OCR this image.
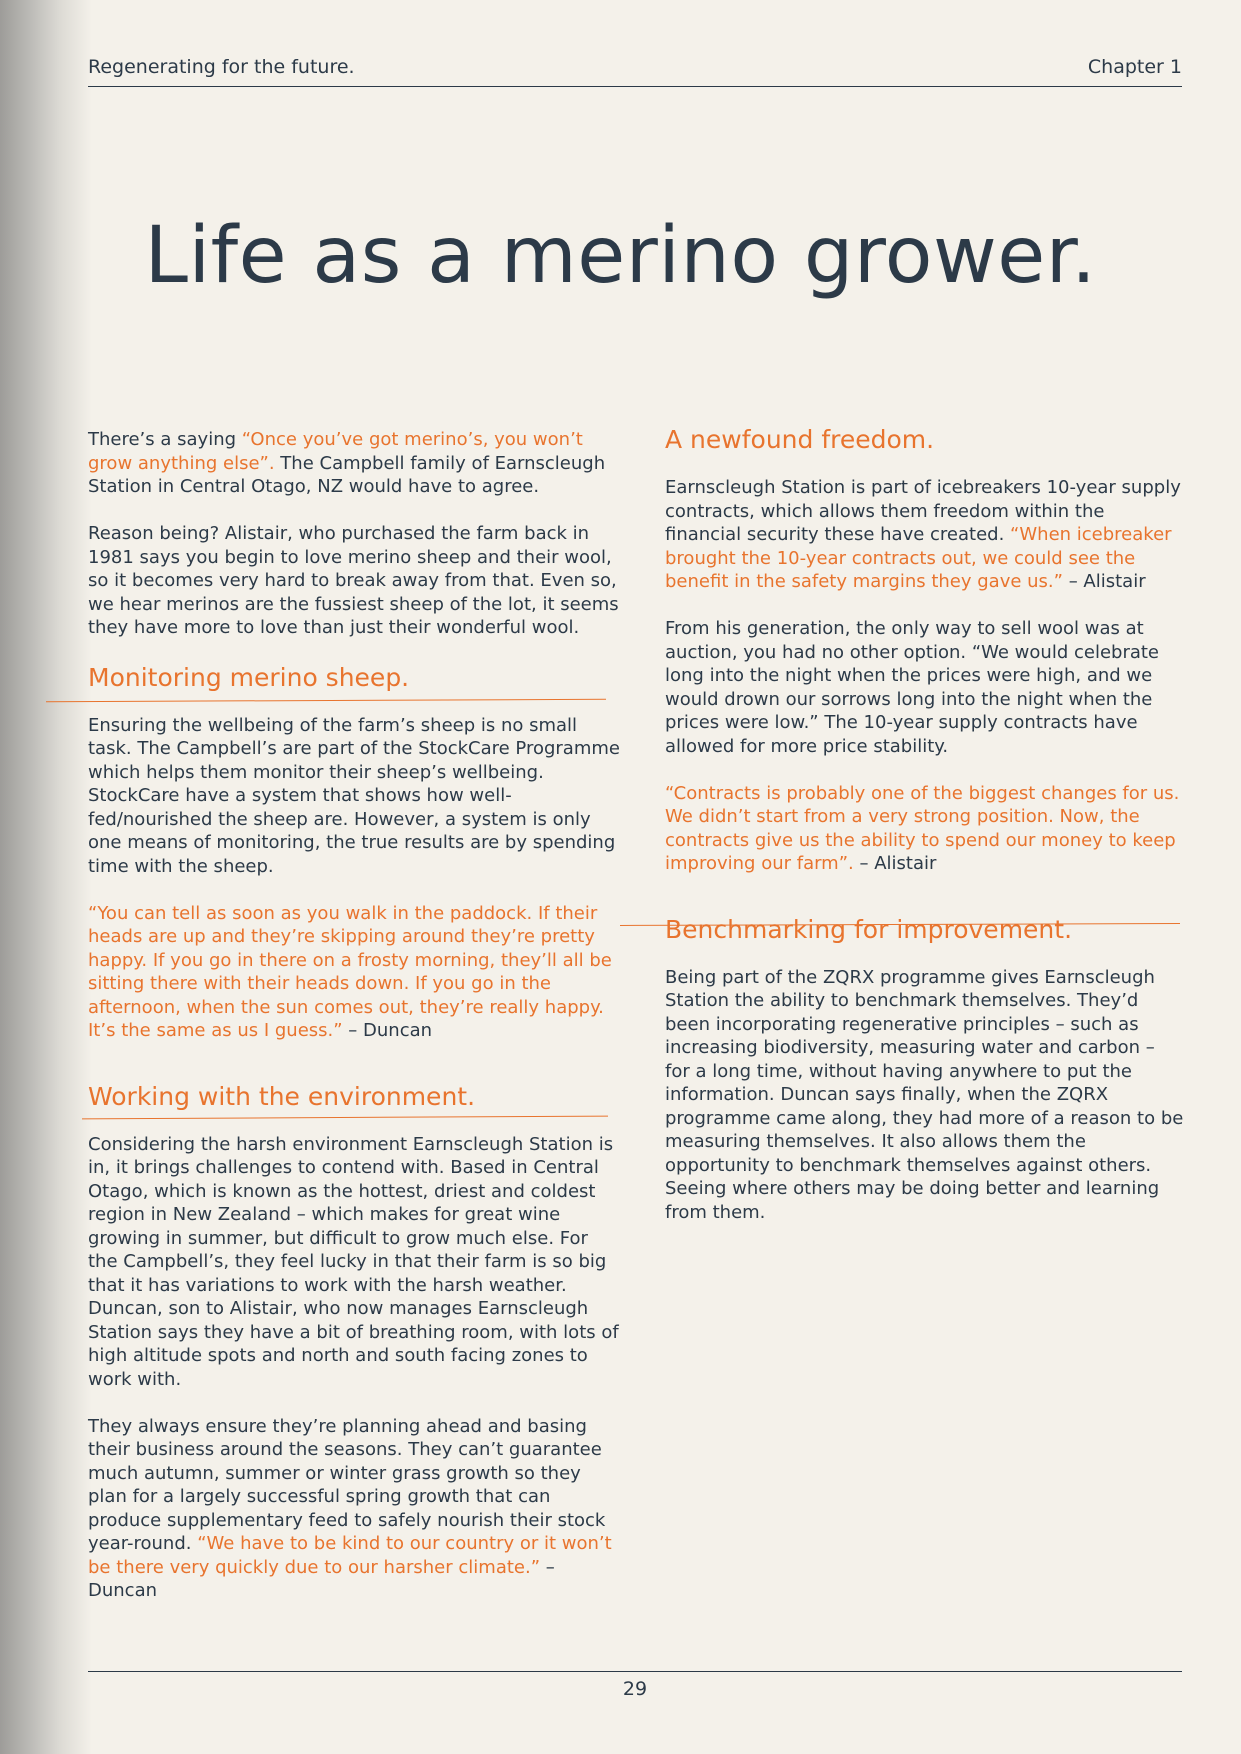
Regenerating for the future.	Chapter 1
Life as a merino grower.

There’s a saying “Once you’ve got merino’s, you won’t grow anything else”. The Campbell family of Earnscleugh Station in Central Otago, NZ would have to agree.

Reason being? Alistair, who purchased the farm back in 1981 says you begin to love merino sheep and their wool, so it becomes very hard to break away from that. Even so, we hear merinos are the fussiest sheep of the lot, it seems they have more to love than just their wonderful wool.

Monitoring merino sheep.

Ensuring the wellbeing of the farm’s sheep is no small task. The Campbell’s are part of the StockCare Programme which helps them monitor their sheep’s wellbeing. StockCare have a system that shows how well-fed/nourished the sheep are. However, a system is only one means of monitoring, the true results are by spending time with the sheep.

“You can tell as soon as you walk in the paddock. If their heads are up and they’re skipping around they’re pretty happy. If you go in there on a frosty morning, they’ll all be sitting there with their heads down. If you go in the afternoon, when the sun comes out, they’re really happy. It’s the same as us I guess.” – Duncan

Working with the environment.

Considering the harsh environment Earnscleugh Station is in, it brings challenges to contend with. Based in Central Otago, which is known as the hottest, driest and coldest region in New Zealand – which makes for great wine growing in summer, but difficult to grow much else. For the Campbell’s, they feel lucky in that their farm is so big that it has variations to work with the harsh weather. Duncan, son to Alistair, who now manages Earnscleugh Station says they have a bit of breathing room, with lots of high altitude spots and north and south facing zones to work with.

They always ensure they’re planning ahead and basing their business around the seasons. They can’t guarantee much autumn, summer or winter grass growth so they plan for a largely successful spring growth that can produce supplementary feed to safely nourish their stock year-round. “We have to be kind to our country or it won’t be there very quickly due to our harsher climate.” – Duncan

A newfound freedom.

Earnscleugh Station is part of icebreakers 10-year supply contracts, which allows them freedom within the financial security these have created. “When icebreaker brought the 10-year contracts out, we could see the benefit in the safety margins they gave us.” – Alistair

From his generation, the only way to sell wool was at auction, you had no other option. “We would celebrate long into the night when the prices were high, and we would drown our sorrows long into the night when the prices were low.” The 10-year supply contracts have allowed for more price stability.

“Contracts is probably one of the biggest changes for us. We didn’t start from a very strong position. Now, the contracts give us the ability to spend our money to keep improving our farm”. – Alistair

Benchmarking for improvement.

Being part of the ZQRX programme gives Earnscleugh Station the ability to benchmark themselves. They’d been incorporating regenerative principles – such as increasing biodiversity, measuring water and carbon – for a long time, without having anywhere to put the information. Duncan says finally, when the ZQRX programme came along, they had more of a reason to be measuring themselves. It also allows them the opportunity to benchmark themselves against others. Seeing where others may be doing better and learning from them.

29
